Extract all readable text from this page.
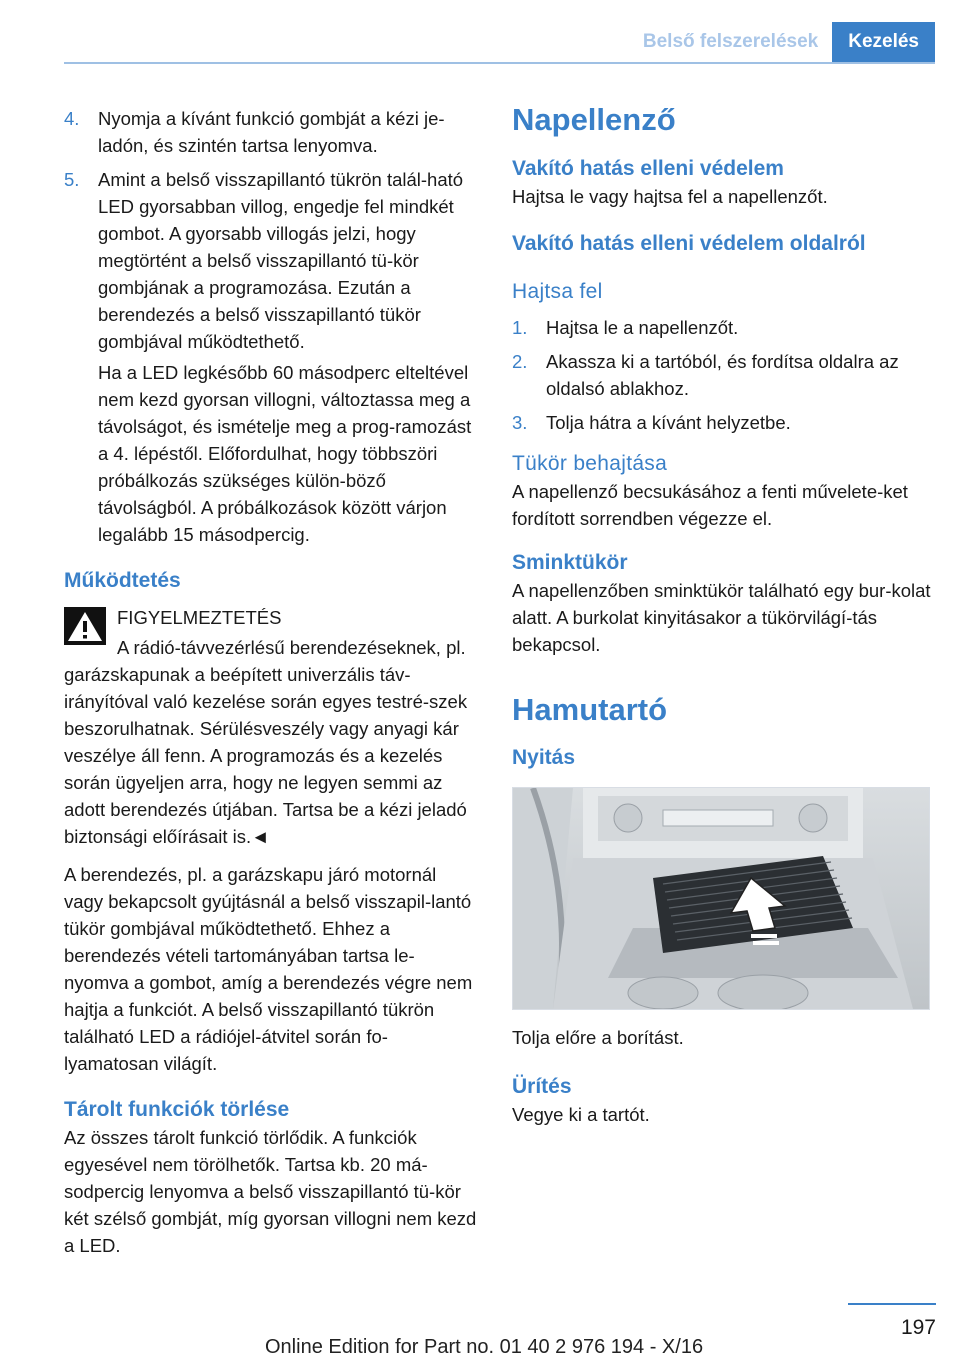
Belső felszerelések	Kezelés
4. Nyomja a kívánt funkció gombját a kézi je-ladón, és szintén tartsa lenyomva.
5. Amint a belső visszapillantó tükrön talál-ható LED gyorsabban villog, engedje fel mindkét gombot. A gyorsabb villogás jelzi, hogy megtörtént a belső visszapillantó tü-kör gombjának a programozása. Ezután a berendezés a belső visszapillantó tükör gombjával működtethető.

Ha a LED legkésőbb 60 másodperc elteltével nem kezd gyorsan villogni, változtassa meg a távolságot, és ismételje meg a prog-ramozást a 4. lépéstől. Előfordulhat, hogy többszöri próbálkozás szükséges külön-böző távolságból. A próbálkozások között várjon legalább 15 másodpercig.

Működtetés
FIGYELMEZTETÉS

A rádió-távvezérlésű berendezéseknek, pl. garázskapunak a beépített univerzális táv-irányítóval való kezelése során egyes testré-szek beszorulhatnak. Sérülésveszély vagy anyagi kár veszélye áll fenn. A programozás és a kezelés során ügyeljen arra, hogy ne legyen semmi az adott berendezés útjában. Tartsa be a kézi jeladó biztonsági előírásait is.◄

A berendezés, pl. a garázskapu járó motornál vagy bekapcsolt gyújtásnál a belső visszapil-lantó tükör gombjával működtethető. Ehhez a berendezés vételi tartományában tartsa le-nyomva a gombot, amíg a berendezés végre nem hajtja a funkciót. A belső visszapillantó tükrön található LED a rádiójel-átvitel során fo-lyamatosan világít.

Tárolt funkciók törlése

Az összes tárolt funkció törlődik. A funkciók egyesével nem törölhetők. Tartsa kb. 20 má-sodpercig lenyomva a belső visszapillantó tü-kör két szélső gombját, míg gyorsan villogni nem kezd a LED.

Napellenző
Vakító hatás elleni védelem

Hajtsa le vagy hajtsa fel a napellenzőt.

Vakító hatás elleni védelem oldalról
Hajtsa fel
1. Hajtsa le a napellenzőt.
2. Akassza ki a tartóból, és fordítsa oldalra az oldalsó ablakhoz.
3. Tolja hátra a kívánt helyzetbe.
Tükör behajtása

A napellenző becsukásához a fenti művelete-ket fordított sorrendben végezze el.

Sminktükör

A napellenzőben sminktükör található egy bur-kolat alatt. A burkolat kinyitásakor a tükörvilágí-tás bekapcsol.

Hamutartó
Nyitás

Tolja előre a borítást.

Ürítés

Vegye ki a tartót.

197
Online Edition for Part no. 01 40 2 976 194 - X/16
